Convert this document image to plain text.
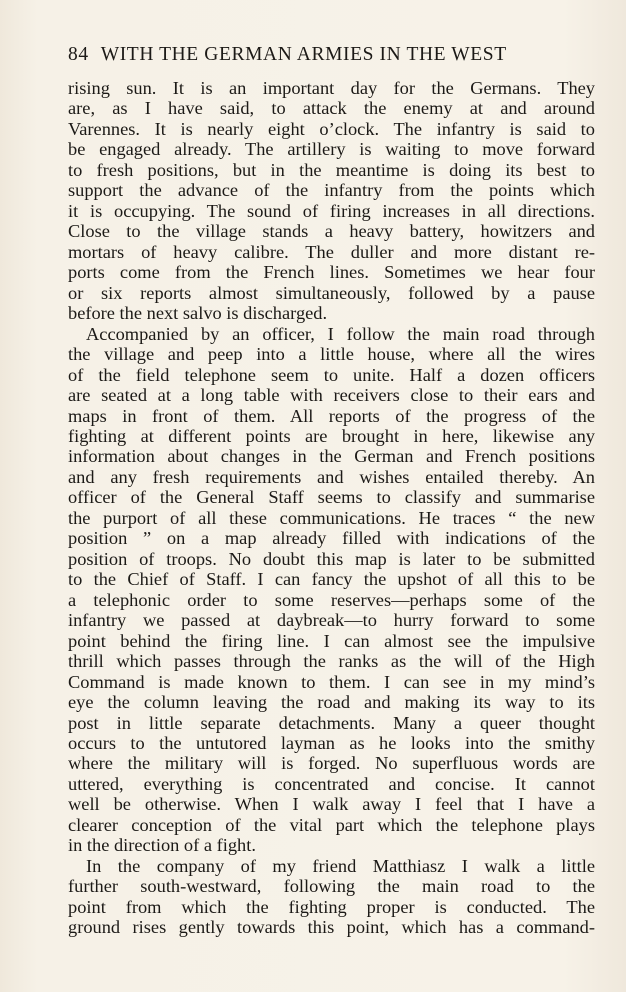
84 WITH THE GERMAN ARMIES IN THE WEST
rising sun. It is an important day for the Germans. They
are, as I have said, to attack the enemy at and around
Varennes. It is nearly eight o’clock. The infantry is said to
be engaged already. The artillery is waiting to move forward
to fresh positions, but in the meantime is doing its best to
support the advance of the infantry from the points which
it is occupying. The sound of firing increases in all directions.
Close to the village stands a heavy battery, howitzers and
mortars of heavy calibre. The duller and more distant re-
ports come from the French lines. Sometimes we hear four
or six reports almost simultaneously, followed by a pause
before the next salvo is discharged.
Accompanied by an officer, I follow the main road through
the village and peep into a little house, where all the wires
of the field telephone seem to unite. Half a dozen officers
are seated at a long table with receivers close to their ears and
maps in front of them. All reports of the progress of the
fighting at different points are brought in here, likewise any
information about changes in the German and French positions
and any fresh requirements and wishes entailed thereby. An
officer of the General Staff seems to classify and summarise
the purport of all these communications. He traces “ the new
position ” on a map already filled with indications of the
position of troops. No doubt this map is later to be submitted
to the Chief of Staff. I can fancy the upshot of all this to be
a telephonic order to some reserves—perhaps some of the
infantry we passed at daybreak—to hurry forward to some
point behind the firing line. I can almost see the impulsive
thrill which passes through the ranks as the will of the High
Command is made known to them. I can see in my mind’s
eye the column leaving the road and making its way to its
post in little separate detachments. Many a queer thought
occurs to the untutored layman as he looks into the smithy
where the military will is forged. No superfluous words are
uttered, everything is concentrated and concise. It cannot
well be otherwise. When I walk away I feel that I have a
clearer conception of the vital part which the telephone plays
in the direction of a fight.
In the company of my friend Matthiasz I walk a little
further south-westward, following the main road to the
point from which the fighting proper is conducted. The
ground rises gently towards this point, which has a command-
